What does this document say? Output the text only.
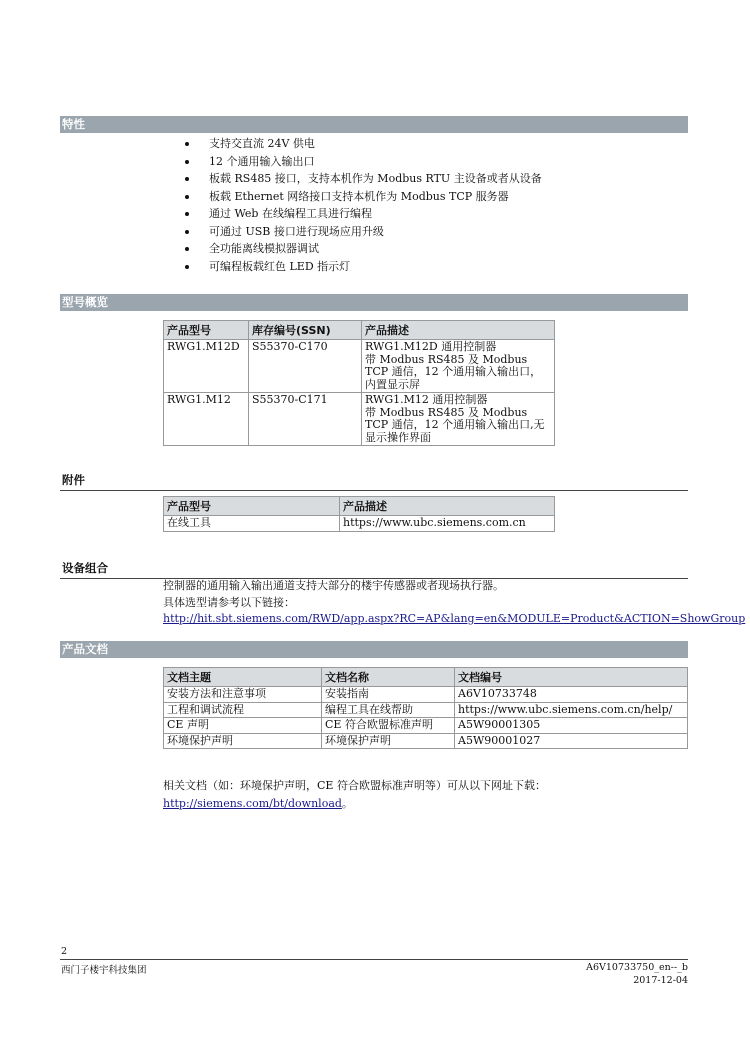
特性
支持交直流 24V 供电
12 个通用输入输出口
板载 RS485 接口，支持本机作为 Modbus RTU 主设备或者从设备
板载 Ethernet 网络接口支持本机作为 Modbus TCP 服务器
通过 Web 在线编程工具进行编程
可通过 USB 接口进行现场应用升级
全功能离线模拟器调试
可编程板载红色 LED 指示灯
型号概览
产品型号	库存编号(SSN)	产品描述
RWG1.M12D	S55370-C170	RWG1.M12D 通用控制器
带 Modbus RS485 及 Modbus TCP 通信，12 个通用输入输出口，内置显示屏

RWG1.M12	S55370-C171	RWG1.M12 通用控制器
带 Modbus RS485 及 Modbus TCP 通信，12 个通用输入输出口,无显示操作界面
附件
产品型号	产品描述
在线工具	https://www.ubc.siemens.com.cn
设备组合
控制器的通用输入输出通道支持大部分的楼宇传感器或者现场执行器。
具体选型请参考以下链接：
http://hit.sbt.siemens.com/RWD/app.aspx?RC=AP&lang=en&MODULE=Product&ACTION=ShowGroup
产品文档
文档主题	文档名称	文档编号
安装方法和注意事项	安装指南	A6V10733748
工程和调试流程	编程工具在线帮助	https://www.ubc.siemens.com.cn/help/
CE 声明	CE 符合欧盟标准声明	A5W90001305
环境保护声明	环境保护声明	A5W90001027
相关文档（如：环境保护声明，CE 符合欧盟标准声明等）可从以下网址下载：
http://siemens.com/bt/download。
2
西门子楼宇科技集团	A6V10733750_en--_b
2017-12-04
